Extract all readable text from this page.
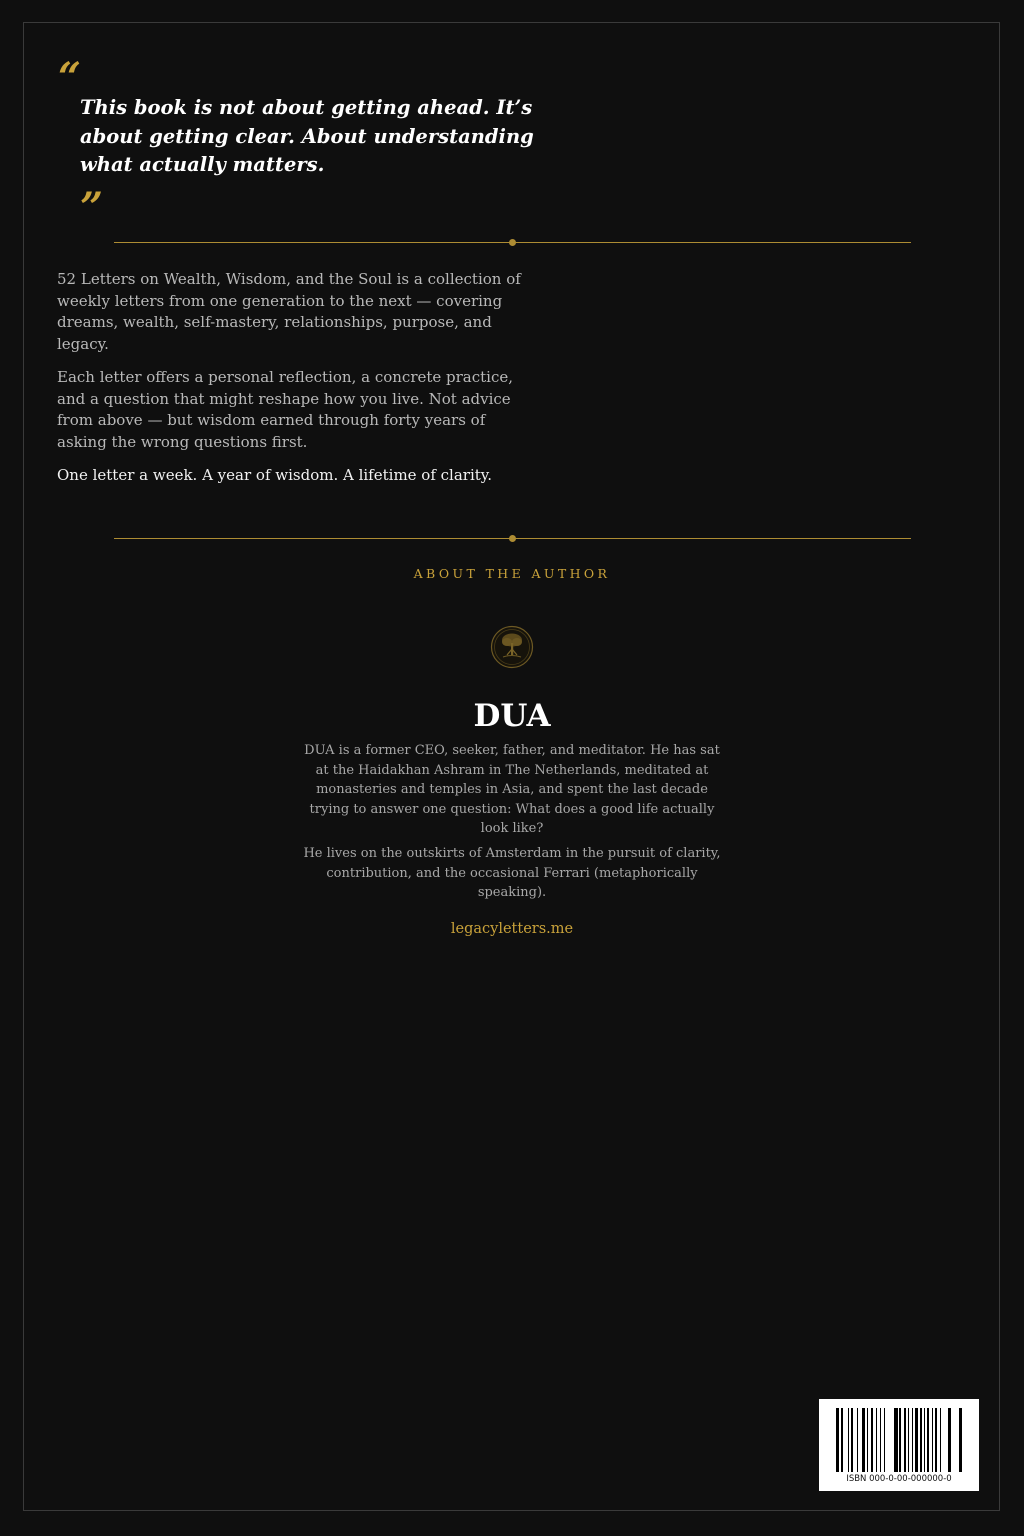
“
This book is not about getting ahead. It’s about getting clear. About understanding what actually matters.
”

52 Letters on Wealth, Wisdom, and the Soul is a collection of weekly letters from one generation to the next — covering dreams, wealth, self-mastery, relationships, purpose, and legacy.

Each letter offers a personal reflection, a concrete practice, and a question that might reshape how you live. Not advice from above — but wisdom earned through forty years of asking the wrong questions first.

One letter a week. A year of wisdom. A lifetime of clarity.

ABOUT THE AUTHOR
DUA

DUA is a former CEO, seeker, father, and meditator. He has sat at the Haidakhan Ashram in The Netherlands, meditated at monasteries and temples in Asia, and spent the last decade trying to answer one question: What does a good life actually look like?

He lives on the outskirts of Amsterdam in the pursuit of clarity, contribution, and the occasional Ferrari (metaphorically speaking).

legacyletters.me
ISBN 000-0-00-000000-0
